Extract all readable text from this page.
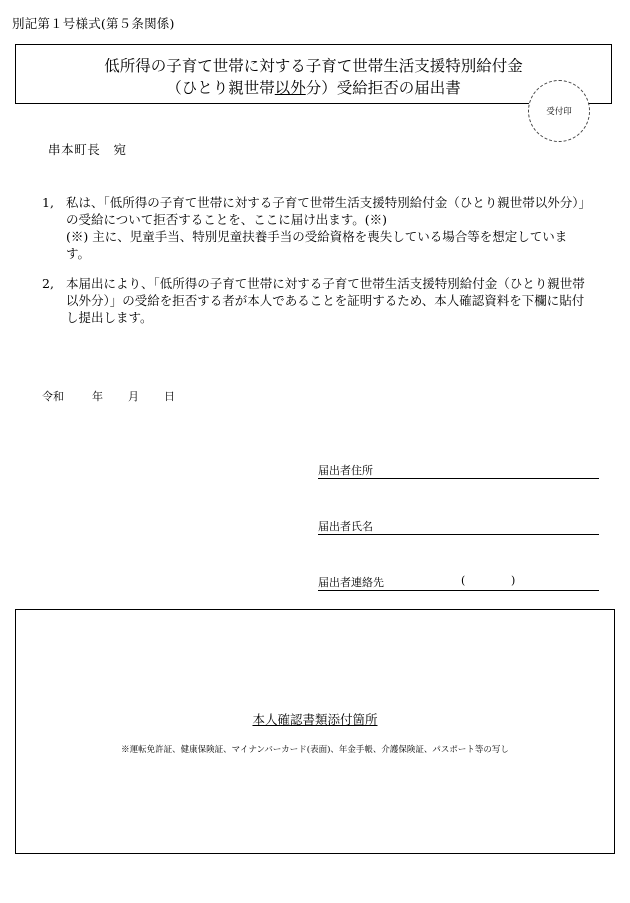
別記第１号様式(第５条関係)
低所得の子育て世帯に対する子育て世帯生活支援特別給付金
（ひとり親世帯以外分）受給拒否の届出書
受付印
串本町長　宛
1, 私は、「低所得の子育て世帯に対する子育て世帯生活支援特別給付金（ひとり親世帯以外分）」の受給について拒否することを、ここに届け出ます。(※)
(※) 主に、児童手当、特別児童扶養手当の受給資格を喪失している場合等を想定しています。
2, 本届出により、「低所得の子育て世帯に対する子育て世帯生活支援特別給付金（ひとり親世帯以外分）」の受給を拒否する者が本人であることを証明するため、本人確認資料を下欄に貼付し提出します。
令和	年 月 日
届出者住所
届出者氏名
届出者連絡先	(	)
本人確認書類添付箇所
※運転免許証、健康保険証、マイナンバーカード(表面)、年金手帳、介護保険証、パスポート等の写し
